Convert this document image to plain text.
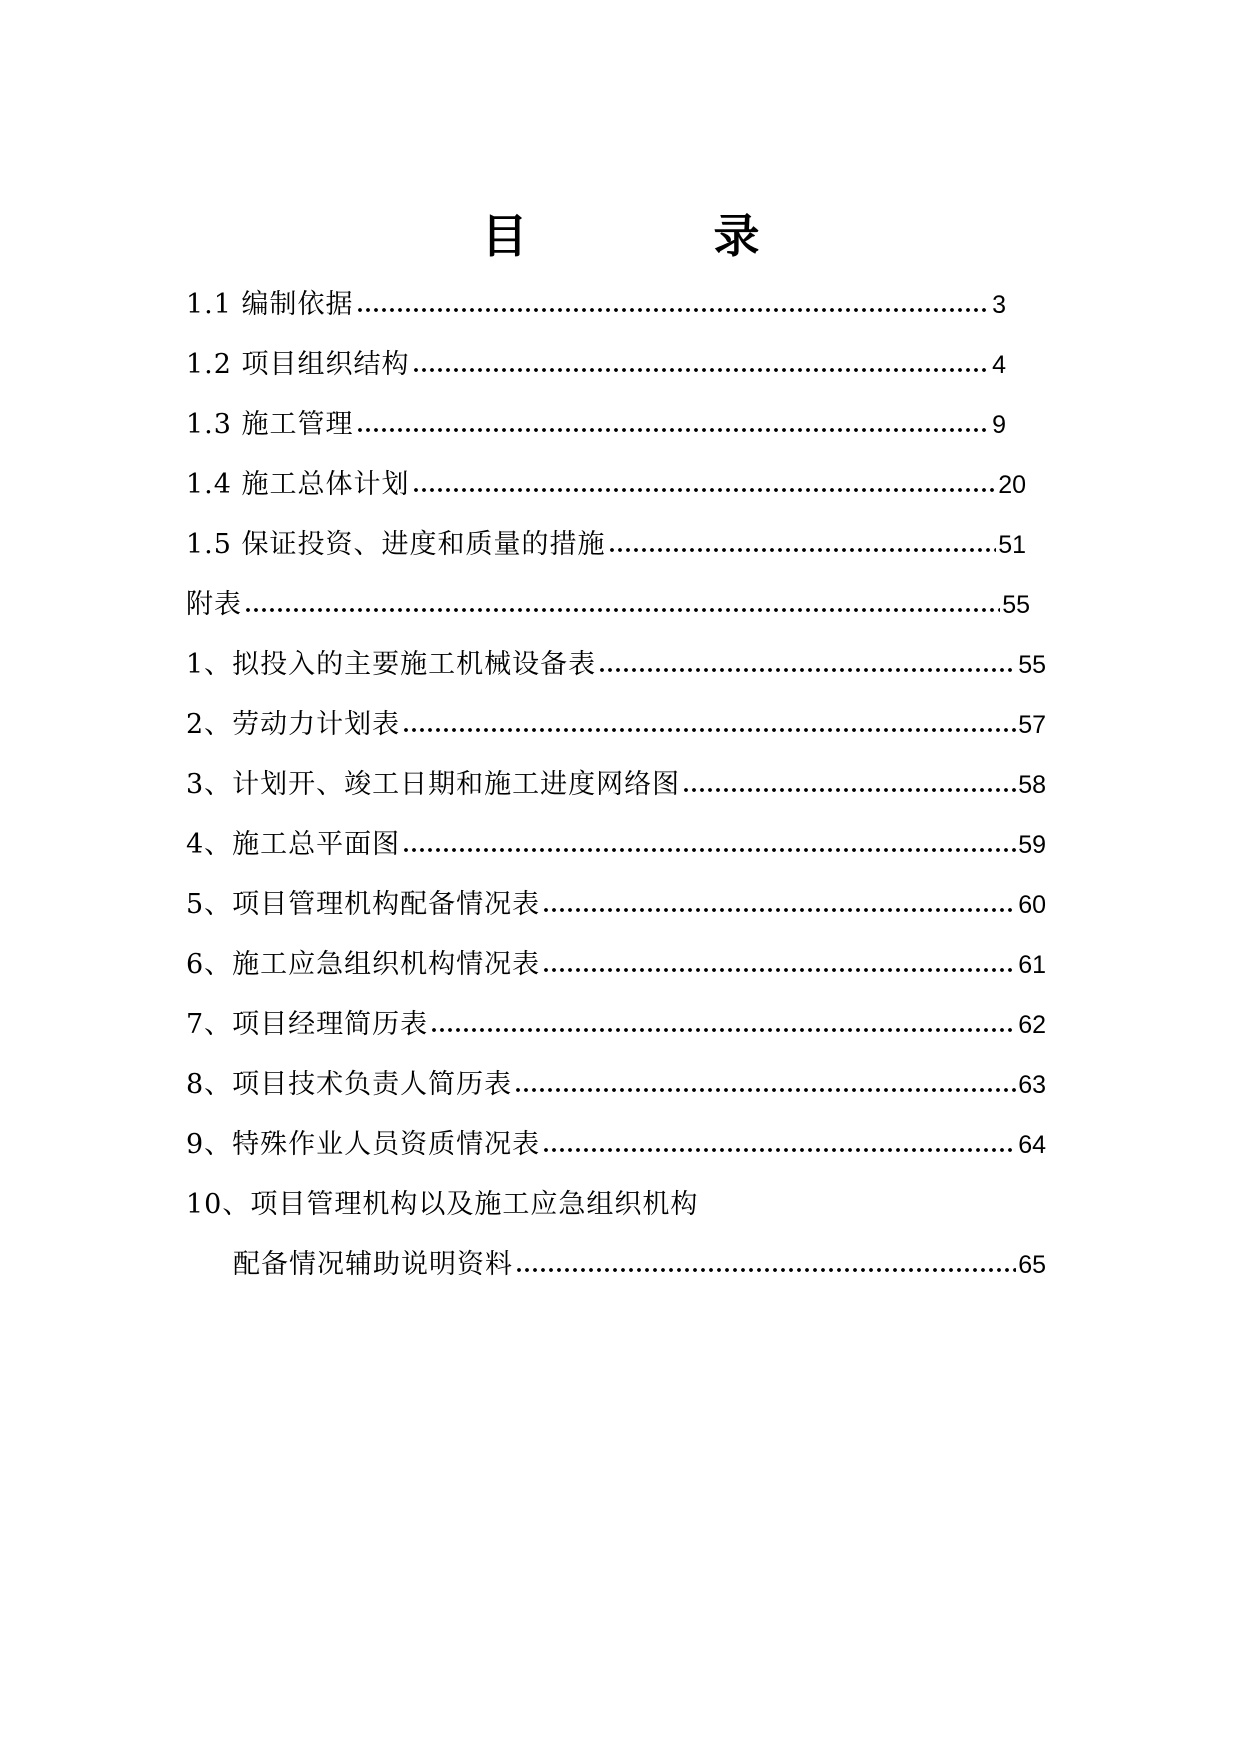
目　录
1.1 编制依据	3
1.2 项目组织结构	4
1.3 施工管理	9
1.4 施工总体计划	20
1.5 保证投资、进度和质量的措施	51
附表	55
1、拟投入的主要施工机械设备表	55
2、劳动力计划表	57
3、计划开、竣工日期和施工进度网络图	58
4、施工总平面图	59
5、项目管理机构配备情况表	60
6、施工应急组织机构情况表	61
7、项目经理简历表	62
8、项目技术负责人简历表	63
9、特殊作业人员资质情况表	64
10、项目管理机构以及施工应急组织机构
配备情况辅助说明资料	65
